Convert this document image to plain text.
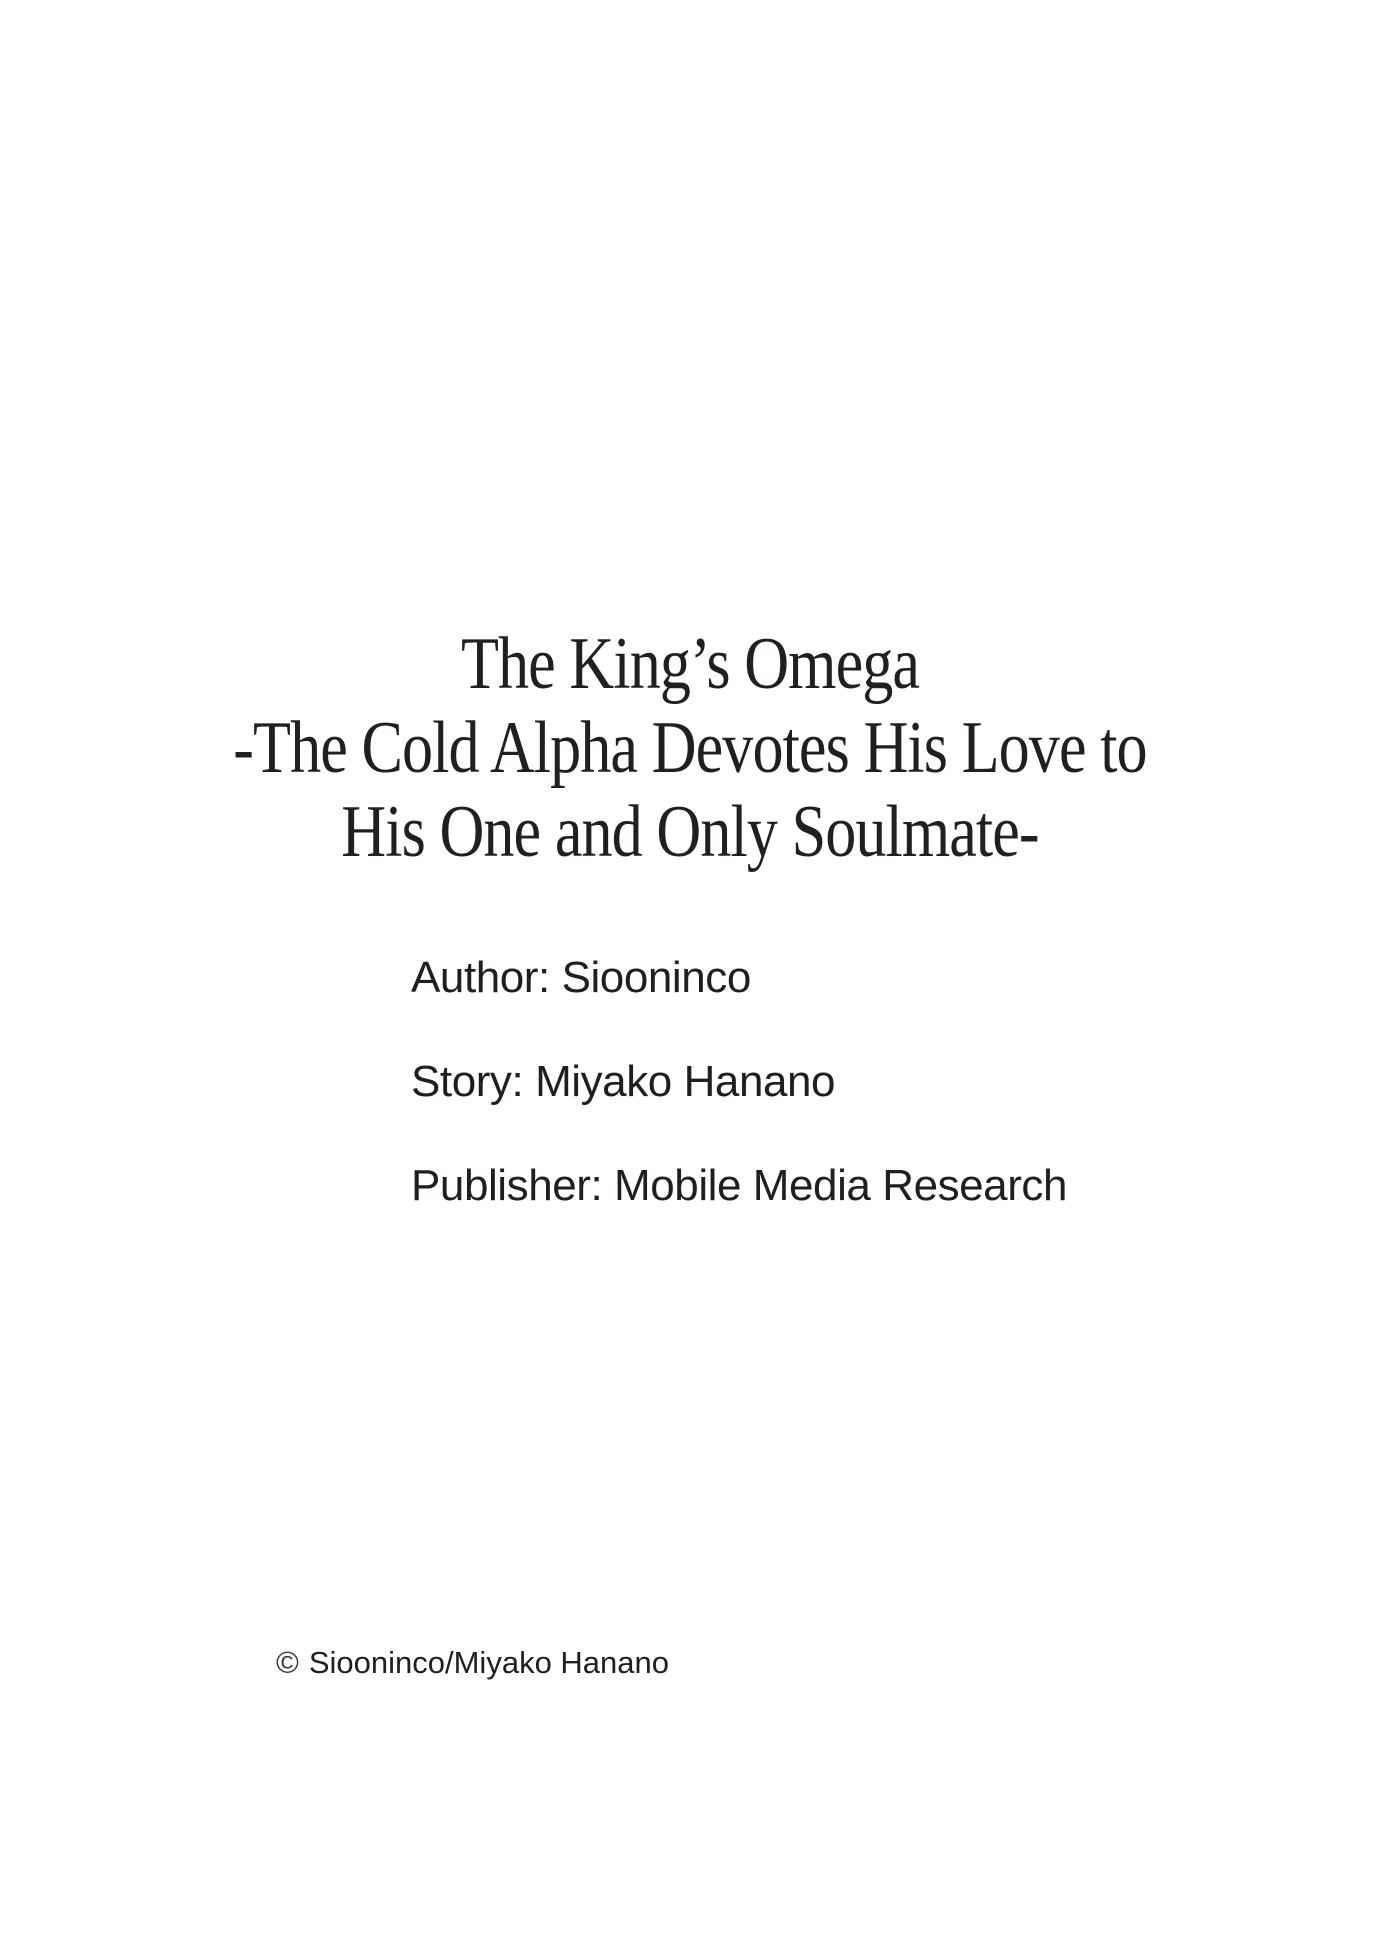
The King’s Omega
-The Cold Alpha Devotes His Love to
His One and Only Soulmate-
Author: Siooninco
Story: Miyako Hanano
Publisher: Mobile Media Research
© Siooninco/Miyako Hanano
